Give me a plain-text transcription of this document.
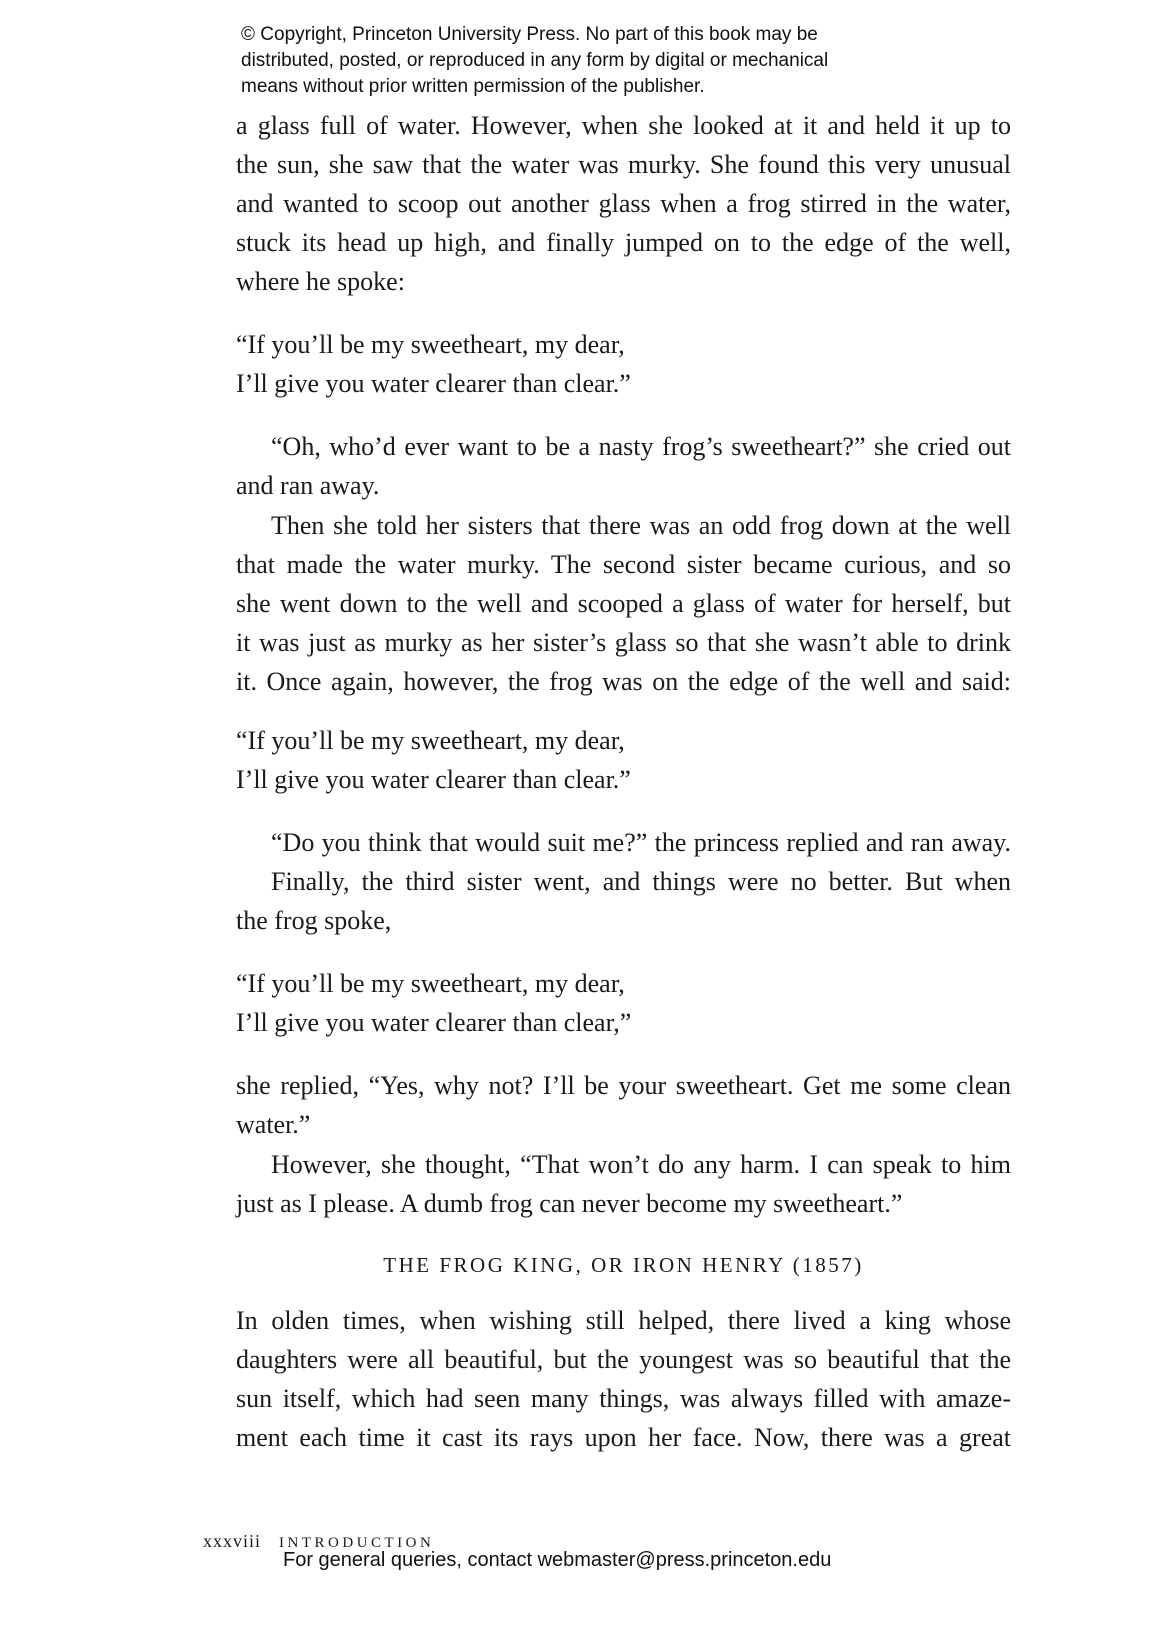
© Copyright, Princeton University Press. No part of this book may be
distributed, posted, or reproduced in any form by digital or mechanical
means without prior written permission of the publisher.
a glass full of water. However, when she looked at it and held it up to
the sun, she saw that the water was murky. She found this very unusual
and wanted to scoop out another glass when a frog stirred in the water,
stuck its head up high, and finally jumped on to the edge of the well,
where he spoke:
“If you’ll be my sweetheart, my dear,
I’ll give you water clearer than clear.”
“Oh, who’d ever want to be a nasty frog’s sweetheart?” she cried out
and ran away.
Then she told her sisters that there was an odd frog down at the well
that made the water murky. The second sister became curious, and so
she went down to the well and scooped a glass of water for herself, but
it was just as murky as her sister’s glass so that she wasn’t able to drink
it. Once again, however, the frog was on the edge of the well and said:
“If you’ll be my sweetheart, my dear,
I’ll give you water clearer than clear.”
“Do you think that would suit me?” the princess replied and ran away.
Finally, the third sister went, and things were no better. But when
the frog spoke,
“If you’ll be my sweetheart, my dear,
I’ll give you water clearer than clear,”
she replied, “Yes, why not? I’ll be your sweetheart. Get me some clean
water.”
However, she thought, “That won’t do any harm. I can speak to him
just as I please. A dumb frog can never become my sweetheart.”
THE FROG KING, OR IRON HENRY (1857)
In olden times, when wishing still helped, there lived a king whose
daughters were all beautiful, but the youngest was so beautiful that the
sun itself, which had seen many things, was always filled with amaze-
ment each time it cast its rays upon her face. Now, there was a great
xxxviii INTRODUCTION
For general queries, contact webmaster@press.princeton.edu
